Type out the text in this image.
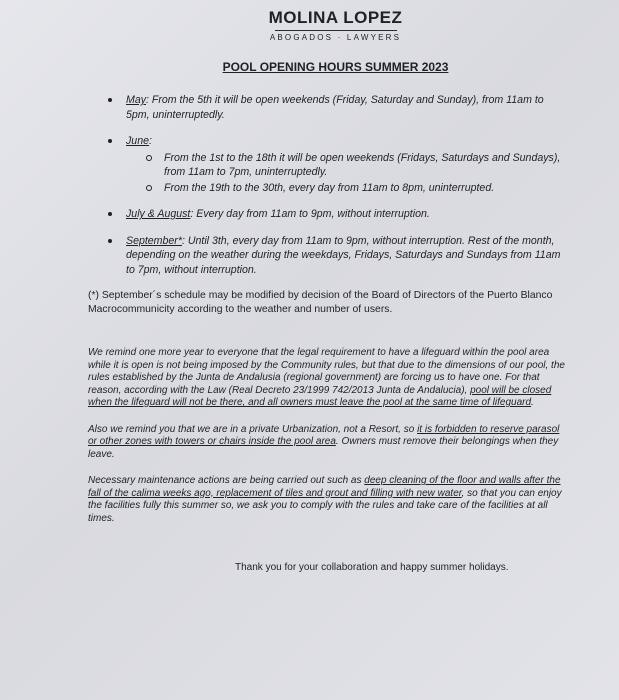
MOLINA LOPEZ
ABOGADOS · LAWYERS
POOL OPENING HOURS SUMMER 2023
May: From the 5th it will be open weekends (Friday, Saturday and Sunday), from 11am to 5pm, uninterruptedly.
June:
From the 1st to the 18th it will be open weekends (Fridays, Saturdays and Sundays), from 11am to 7pm, uninterruptedly.
From the 19th to the 30th, every day from 11am to 8pm, uninterrupted.
July & August: Every day from 11am to 9pm, without interruption.
September*: Until 3th, every day from 11am to 9pm, without interruption. Rest of the month, depending on the weather during the weekdays, Fridays, Saturdays and Sundays from 11am to 7pm, without interruption.
(*) September´s schedule may be modified by decision of the Board of Directors of the Puerto Blanco Macrocommunicity according to the weather and number of users.
We remind one more year to everyone that the legal requirement to have a lifeguard within the pool area while it is open is not being imposed by the Community rules, but that due to the dimensions of our pool, the rules established by the Junta de Andalusia (regional government) are forcing us to have one. For that reason, according with the Law (Real Decreto 23/1999 742/2013 Junta de Andalucia), pool will be closed when the lifeguard will not be there, and all owners must leave the pool at the same time of lifeguard.
Also we remind you that we are in a private Urbanization, not a Resort, so it is forbidden to reserve parasol or other zones with towers or chairs inside the pool area. Owners must remove their belongings when they leave.
Necessary maintenance actions are being carried out such as deep cleaning of the floor and walls after the fall of the calima weeks ago, replacement of tiles and grout and filling with new water, so that you can enjoy the facilities fully this summer so, we ask you to comply with the rules and take care of the facilities at all times.
Thank you for your collaboration and happy summer holidays.
